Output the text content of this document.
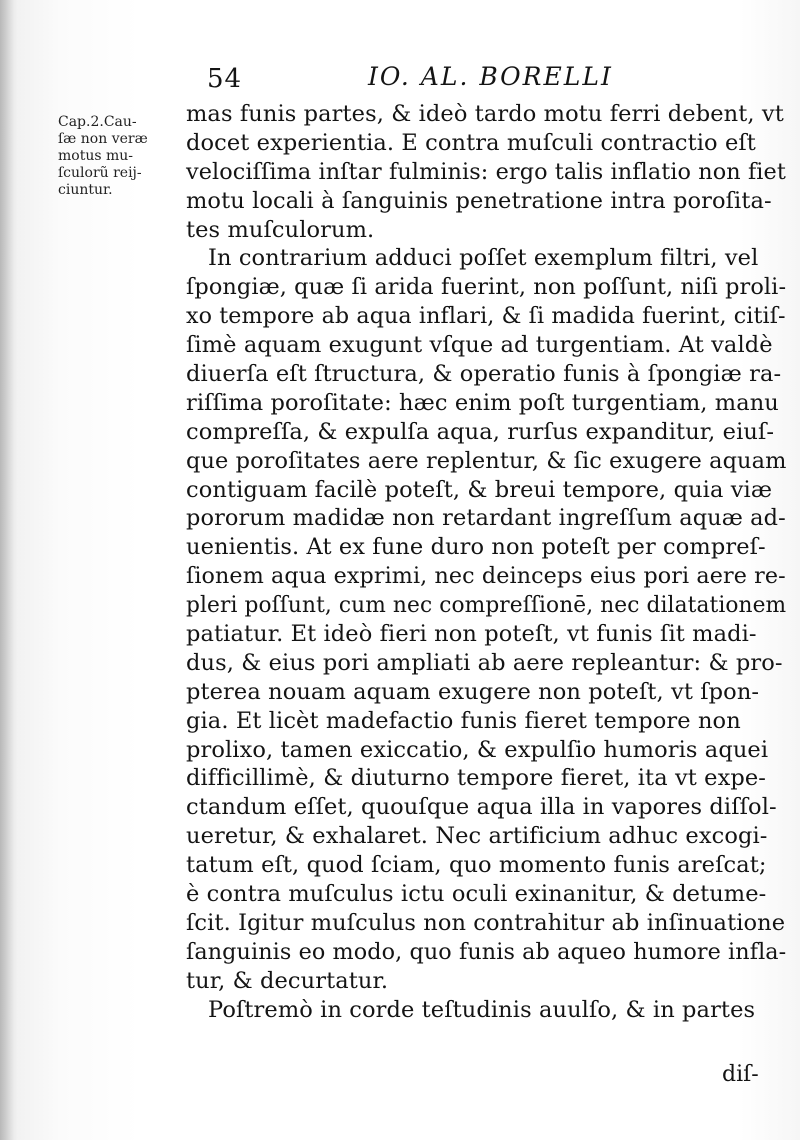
54	IO. AL. BORELLI
Cap.2.Cau-
ſæ non veræ
motus mu-
ſculorũ reij-
ciuntur.
mas funis partes, & ideò tardo motu ferri debent, vt
docet experientia. E contra muſculi contractio eſt
velociſſima inſtar fulminis: ergo talis inflatio non fiet
motu locali à ſanguinis penetratione intra poroſita-
tes muſculorum.
In contrarium adduci poſſet exemplum filtri, vel
ſpongiæ, quæ ſi arida fuerint, non poſſunt, niſi proli-
xo tempore ab aqua inflari, & ſi madida fuerint, citiſ-
ſimè aquam exugunt vſque ad turgentiam. At valdè
diuerſa eſt ſtructura, & operatio funis à ſpongiæ ra-
riſſima poroſitate: hæc enim poſt turgentiam, manu
compreſſa, & expulſa aqua, rurſus expanditur, eiuſ-
que poroſitates aere replentur, & ſic exugere aquam
contiguam facilè poteſt, & breui tempore, quia viæ
pororum madidæ non retardant ingreſſum aquæ ad-
uenientis. At ex fune duro non poteſt per compreſ-
ſionem aqua exprimi, nec deinceps eius pori aere re-
pleri poſſunt, cum nec compreſſionē, nec dilatationem
patiatur. Et ideò fieri non poteſt, vt funis ſit madi-
dus, & eius pori ampliati ab aere repleantur: & pro-
pterea nouam aquam exugere non poteſt, vt ſpon-
gia. Et licèt madefactio funis fieret tempore non
prolixo, tamen exiccatio, & expulſio humoris aquei
difficillimè, & diuturno tempore fieret, ita vt expe-
ctandum eſſet, quouſque aqua illa in vapores diſſol-
ueretur, & exhalaret. Nec artificium adhuc excogi-
tatum eſt, quod ſciam, quo momento funis areſcat;
è contra muſculus ictu oculi exinanitur, & detume-
ſcit. Igitur muſculus non contrahitur ab inſinuatione
ſanguinis eo modo, quo funis ab aqueo humore infla-
tur, & decurtatur.
Poſtremò in corde teſtudinis auulſo, & in partes
diſ-
